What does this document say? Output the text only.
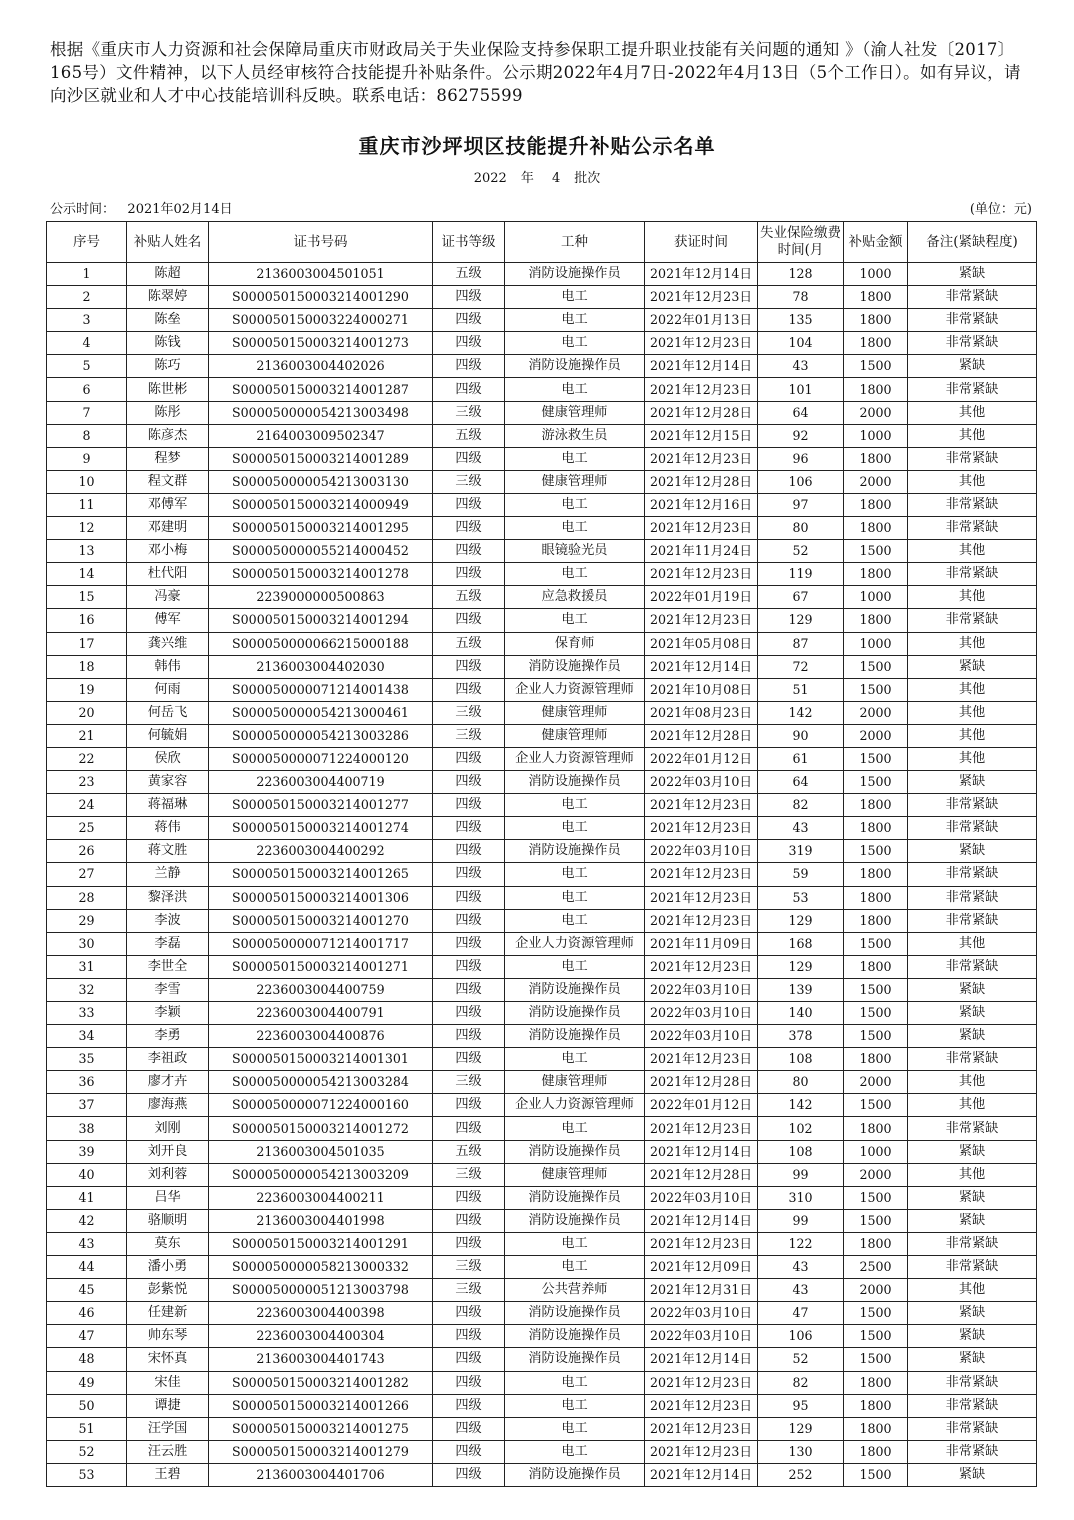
根据《重庆市人力资源和社会保障局重庆市财政局关于失业保险支持参保职工提升职业技能有关问题的通知 》（渝人社发〔2017〕165号）文件精神，以下人员经审核符合技能提升补贴条件。公示期2022年4月7日-2022年4月13日（5个工作日）。如有异议，请向沙区就业和人才中心技能培训科反映。联系电话：86275599
重庆市沙坪坝区技能提升补贴公示名单
2022 年 4 批次
公示时间： 2021年02月14日	(单位：元)
序号	补贴人姓名	证书号码	证书等级	工种	获证时间	失业保险缴费时间(月	补贴金额	备注(紧缺程度)
1	陈超	2136003004501051	五级	消防设施操作员	2021年12月14日	128	1000	紧缺
2	陈翠婷	S000050150003214001290	四级	电工	2021年12月23日	78	1800	非常紧缺
3	陈垒	S000050150003224000271	四级	电工	2022年01月13日	135	1800	非常紧缺
4	陈钱	S000050150003214001273	四级	电工	2021年12月23日	104	1800	非常紧缺
5	陈巧	2136003004402026	四级	消防设施操作员	2021年12月14日	43	1500	紧缺
6	陈世彬	S000050150003214001287	四级	电工	2021年12月23日	101	1800	非常紧缺
7	陈彤	S000050000054213003498	三级	健康管理师	2021年12月28日	64	2000	其他
8	陈彦杰	2164003009502347	五级	游泳救生员	2021年12月15日	92	1000	其他
9	程梦	S000050150003214001289	四级	电工	2021年12月23日	96	1800	非常紧缺
10	程文群	S000050000054213003130	三级	健康管理师	2021年12月28日	106	2000	其他
11	邓傅军	S000050150003214000949	四级	电工	2021年12月16日	97	1800	非常紧缺
12	邓建明	S000050150003214001295	四级	电工	2021年12月23日	80	1800	非常紧缺
13	邓小梅	S000050000055214000452	四级	眼镜验光员	2021年11月24日	52	1500	其他
14	杜代阳	S000050150003214001278	四级	电工	2021年12月23日	119	1800	非常紧缺
15	冯豪	2239000000500863	五级	应急救援员	2022年01月19日	67	1000	其他
16	傅军	S000050150003214001294	四级	电工	2021年12月23日	129	1800	非常紧缺
17	龚兴维	S000050000066215000188	五级	保育师	2021年05月08日	87	1000	其他
18	韩伟	2136003004402030	四级	消防设施操作员	2021年12月14日	72	1500	紧缺
19	何雨	S000050000071214001438	四级	企业人力资源管理师	2021年10月08日	51	1500	其他
20	何岳飞	S000050000054213000461	三级	健康管理师	2021年08月23日	142	2000	其他
21	何毓娟	S000050000054213003286	三级	健康管理师	2021年12月28日	90	2000	其他
22	侯欣	S000050000071224000120	四级	企业人力资源管理师	2022年01月12日	61	1500	其他
23	黄家容	2236003004400719	四级	消防设施操作员	2022年03月10日	64	1500	紧缺
24	蒋福琳	S000050150003214001277	四级	电工	2021年12月23日	82	1800	非常紧缺
25	蒋伟	S000050150003214001274	四级	电工	2021年12月23日	43	1800	非常紧缺
26	蒋文胜	2236003004400292	四级	消防设施操作员	2022年03月10日	319	1500	紧缺
27	兰静	S000050150003214001265	四级	电工	2021年12月23日	59	1800	非常紧缺
28	黎泽洪	S000050150003214001306	四级	电工	2021年12月23日	53	1800	非常紧缺
29	李波	S000050150003214001270	四级	电工	2021年12月23日	129	1800	非常紧缺
30	李磊	S000050000071214001717	四级	企业人力资源管理师	2021年11月09日	168	1500	其他
31	李世全	S000050150003214001271	四级	电工	2021年12月23日	129	1800	非常紧缺
32	李雪	2236003004400759	四级	消防设施操作员	2022年03月10日	139	1500	紧缺
33	李颖	2236003004400791	四级	消防设施操作员	2022年03月10日	140	1500	紧缺
34	李勇	2236003004400876	四级	消防设施操作员	2022年03月10日	378	1500	紧缺
35	李祖政	S000050150003214001301	四级	电工	2021年12月23日	108	1800	非常紧缺
36	廖才卉	S000050000054213003284	三级	健康管理师	2021年12月28日	80	2000	其他
37	廖海燕	S000050000071224000160	四级	企业人力资源管理师	2022年01月12日	142	1500	其他
38	刘刚	S000050150003214001272	四级	电工	2021年12月23日	102	1800	非常紧缺
39	刘开良	2136003004501035	五级	消防设施操作员	2021年12月14日	108	1000	紧缺
40	刘利蓉	S000050000054213003209	三级	健康管理师	2021年12月28日	99	2000	其他
41	吕华	2236003004400211	四级	消防设施操作员	2022年03月10日	310	1500	紧缺
42	骆顺明	2136003004401998	四级	消防设施操作员	2021年12月14日	99	1500	紧缺
43	莫东	S000050150003214001291	四级	电工	2021年12月23日	122	1800	非常紧缺
44	潘小勇	S000050000058213000332	三级	电工	2021年12月09日	43	2500	非常紧缺
45	彭紫悦	S000050000051213003798	三级	公共营养师	2021年12月31日	43	2000	其他
46	任建新	2236003004400398	四级	消防设施操作员	2022年03月10日	47	1500	紧缺
47	帅东琴	2236003004400304	四级	消防设施操作员	2022年03月10日	106	1500	紧缺
48	宋怀真	2136003004401743	四级	消防设施操作员	2021年12月14日	52	1500	紧缺
49	宋佳	S000050150003214001282	四级	电工	2021年12月23日	82	1800	非常紧缺
50	谭捷	S000050150003214001266	四级	电工	2021年12月23日	95	1800	非常紧缺
51	汪学国	S000050150003214001275	四级	电工	2021年12月23日	129	1800	非常紧缺
52	汪云胜	S000050150003214001279	四级	电工	2021年12月23日	130	1800	非常紧缺
53	王碧	2136003004401706	四级	消防设施操作员	2021年12月14日	252	1500	紧缺
